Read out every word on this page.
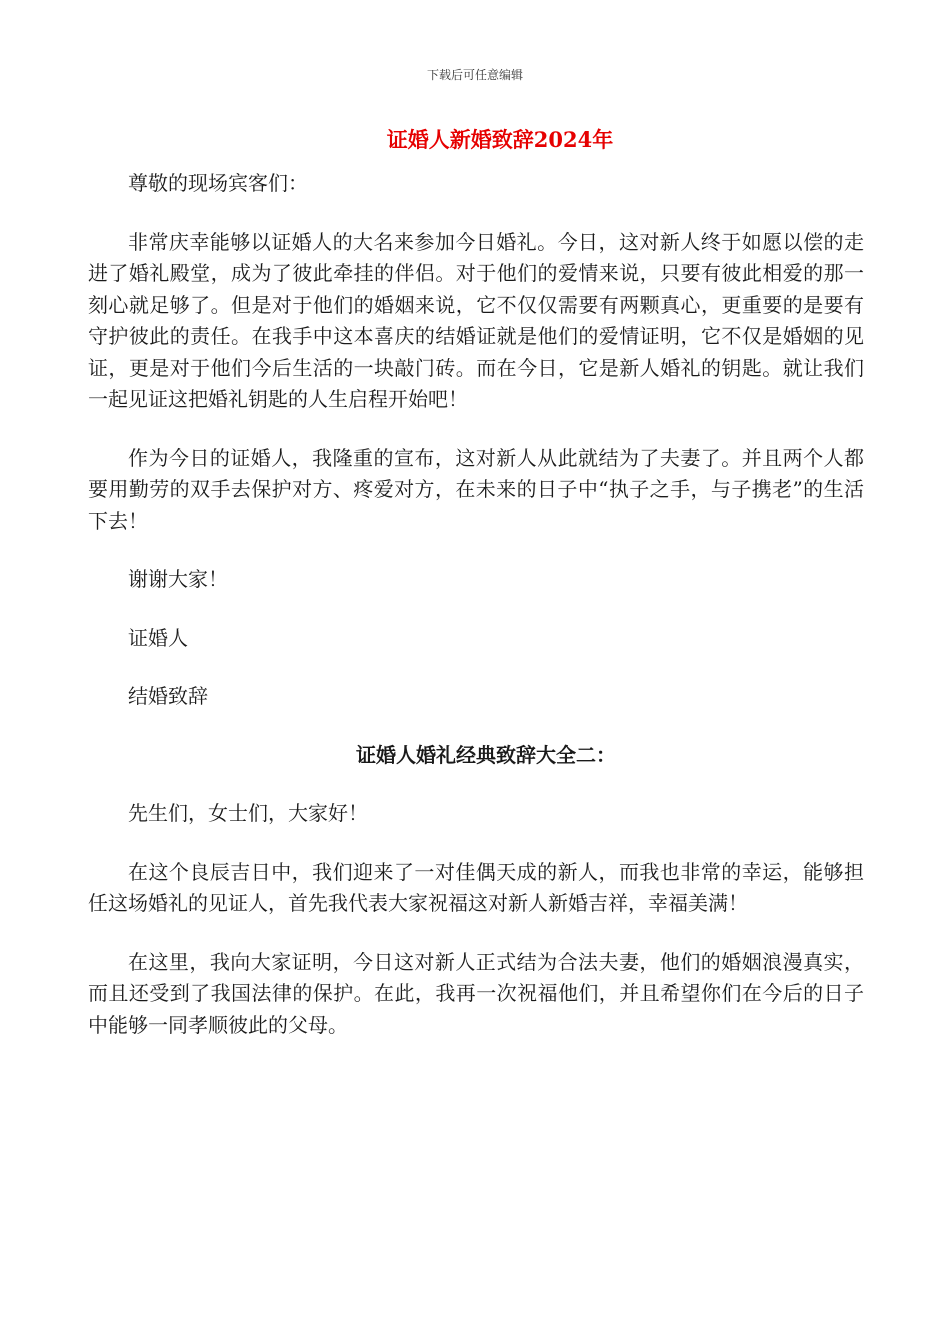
下载后可任意编辑
证婚人新婚致辞2024年

尊敬的现场宾客们：

非常庆幸能够以证婚人的大名来参加今日婚礼。今日，这对新人终于如愿以偿的走进了婚礼殿堂，成为了彼此牵挂的伴侣。对于他们的爱情来说，只要有彼此相爱的那一刻心就足够了。但是对于他们的婚姻来说，它不仅仅需要有两颗真心，更重要的是要有守护彼此的责任。在我手中这本喜庆的结婚证就是他们的爱情证明，它不仅是婚姻的见证，更是对于他们今后生活的一块敲门砖。而在今日，它是新人婚礼的钥匙。就让我们一起见证这把婚礼钥匙的人生启程开始吧！

作为今日的证婚人，我隆重的宣布，这对新人从此就结为了夫妻了。并且两个人都要用勤劳的双手去保护对方、疼爱对方，在未来的日子中“执子之手，与子携老”的生活下去！

谢谢大家！

证婚人

结婚致辞

证婚人婚礼经典致辞大全二：

先生们，女士们，大家好！

在这个良辰吉日中，我们迎来了一对佳偶天成的新人，而我也非常的幸运，能够担任这场婚礼的见证人，首先我代表大家祝福这对新人新婚吉祥，幸福美满！

在这里，我向大家证明，今日这对新人正式结为合法夫妻，他们的婚姻浪漫真实，而且还受到了我国法律的保护。在此，我再一次祝福他们，并且希望你们在今后的日子中能够一同孝顺彼此的父母。
